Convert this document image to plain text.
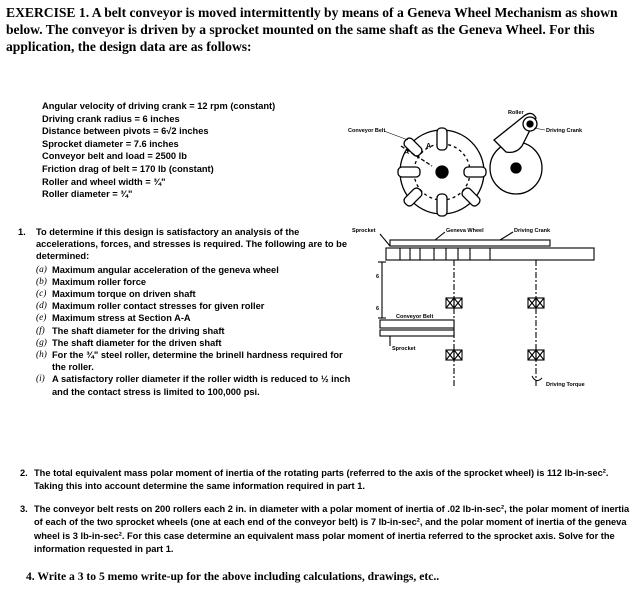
EXERCISE 1. A belt conveyor is moved intermittently by means of a Geneva Wheel Mechanism as shown below. The conveyor is driven by a sprocket mounted on the same shaft as the Geneva Wheel. For this application, the design data are as follows:
Angular velocity of driving crank = 12 rpm (constant)
Driving crank radius = 6 inches
Distance between pivots = 6√2 inches
Sprocket diameter = 7.6 inches
Conveyor belt and load = 2500 lb
Friction drag of belt = 170 lb (constant)
Roller and wheel width = ¾"
Roller diameter = ¾"
1. To determine if this design is satisfactory an analysis of the accelerations, forces, and stresses is required. The following are to be determined:
(a) Maximum angular acceleration of the geneva wheel
(b) Maximum roller force
(c) Maximum torque on driven shaft
(d) Maximum roller contact stresses for given roller
(e) Maximum stress at Section A-A
(f) The shaft diameter for the driving shaft
(g) The shaft diameter for the driven shaft
(h) For the ¾" steel roller, determine the brinell hardness required for the roller.
(i) A satisfactory roller diameter if the roller width is reduced to ½ inch and the contact stress is limited to 100,000 psi.
2. The total equivalent mass polar moment of inertia of the rotating parts (referred to the axis of the sprocket wheel) is 112 lb-in-sec². Taking this into account determine the same information required in part 1.
3. The conveyor belt rests on 200 rollers each 2 in. in diameter with a polar moment of inertia of .02 lb-in-sec², the polar moment of inertia of each of the two sprocket wheels (one at each end of the conveyor belt) is 7 lb-in-sec², and the polar moment of inertia of the geneva wheel is 3 lb-in-sec². For this case determine an equivalent mass polar moment of inertia referred to the sprocket axis. Solve for the information requested in part 1.
4. Write a 3 to 5 memo write-up for the above including calculations, drawings, etc..
Conveyor Belt
Roller
Driving Crank
A
A
Sprocket	Geneva Wheel	Driving Crank
6
6
Conveyor Belt
Sprocket
Driving Torque
